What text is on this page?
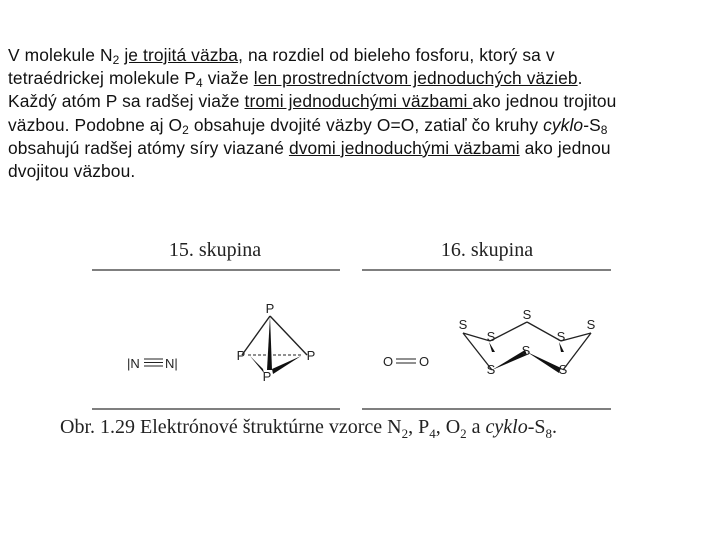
V molekule $N_2$ je trojitá väzba, na rozdiel od bieleho fosforu, ktorý sa v
tetraédrickej molekule $P_4$ viaže len prostredníctvom jednoduchých väzieb.
Každý atóm P sa radšej viaže tromi jednoduchými väzbami ako jednou trojitou
väzbou. Podobne aj $O_2$ obsahuje dvojité väzby O=O, zatiaľ čo kruhy cyklo-$S_8$
obsahujú radšej atómy síry viazané dvomi jednoduchými väzbami ako jednou
dvojitou väzbou.
15. skupina	16. skupina
|N N|
P
P	P
P
O O
S
S
S
S	S
S
S	S
Obr. 1.29 Elektrónové štruktúrne vzorce $N_2$, $P_4$, $O_2$ a cyklo-$S_8$.
